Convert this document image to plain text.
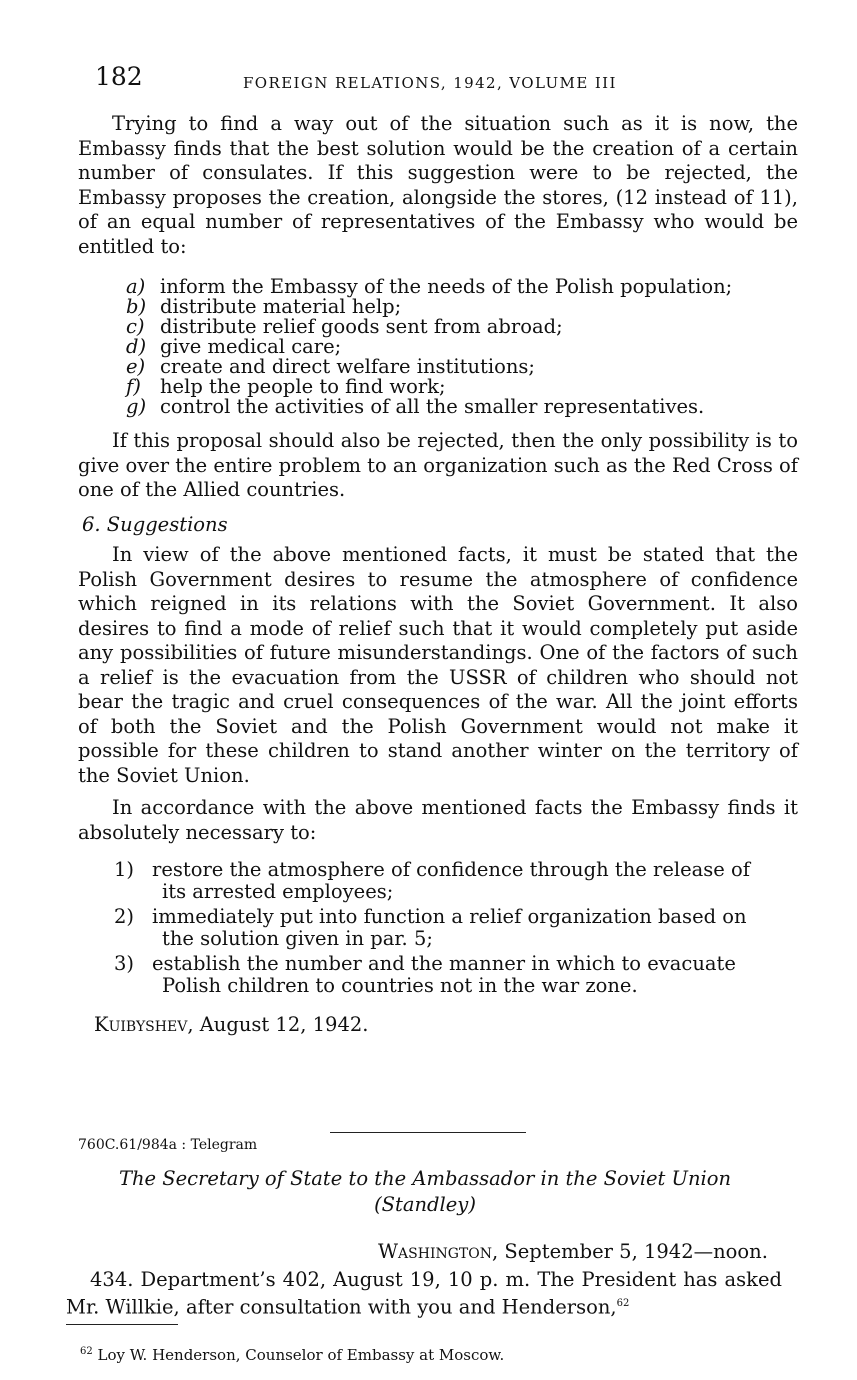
182	FOREIGN RELATIONS, 1942, VOLUME III

Trying to find a way out of the situation such as it is now, the Embassy finds that the best solution would be the creation of a certain number of consulates. If this suggestion were to be rejected, the Embassy proposes the creation, alongside the stores, (12 instead of 11), of an equal number of representatives of the Embassy who would be entitled to:

a) inform the Embassy of the needs of the Polish population;
b) distribute material help;
c) distribute relief goods sent from abroad;
d) give medical care;
e) create and direct welfare institutions;
f) help the people to find work;
g) control the activities of all the smaller representatives.

If this proposal should also be rejected, then the only possibility is to give over the entire problem to an organization such as the Red Cross of one of the Allied countries.

6. Suggestions

In view of the above mentioned facts, it must be stated that the Polish Government desires to resume the atmosphere of confidence which reigned in its relations with the Soviet Government. It also desires to find a mode of relief such that it would completely put aside any possibilities of future misunderstandings. One of the factors of such a relief is the evacuation from the USSR of children who should not bear the tragic and cruel consequences of the war. All the joint efforts of both the Soviet and the Polish Government would not make it possible for these children to stand another winter on the territory of the Soviet Union.

In accordance with the above mentioned facts the Embassy finds it absolutely necessary to:

1) restore the atmosphere of confidence through the release of
its arrested employees;
2) immediately put into function a relief organization based on
the solution given in par. 5;
3) establish the number and the manner in which to evacuate
Polish children to countries not in the war zone.
Kuibyshev, August 12, 1942.
760C.61/984a : Telegram
The Secretary of State to the Ambassador in the Soviet Union
(Standley)
Washington, September 5, 1942—noon.
434. Department’s 402, August 19, 10 p. m. The President has asked Mr. Willkie, after consultation with you and Henderson,$^{62}$
$^{62}$ Loy W. Henderson, Counselor of Embassy at Moscow.
